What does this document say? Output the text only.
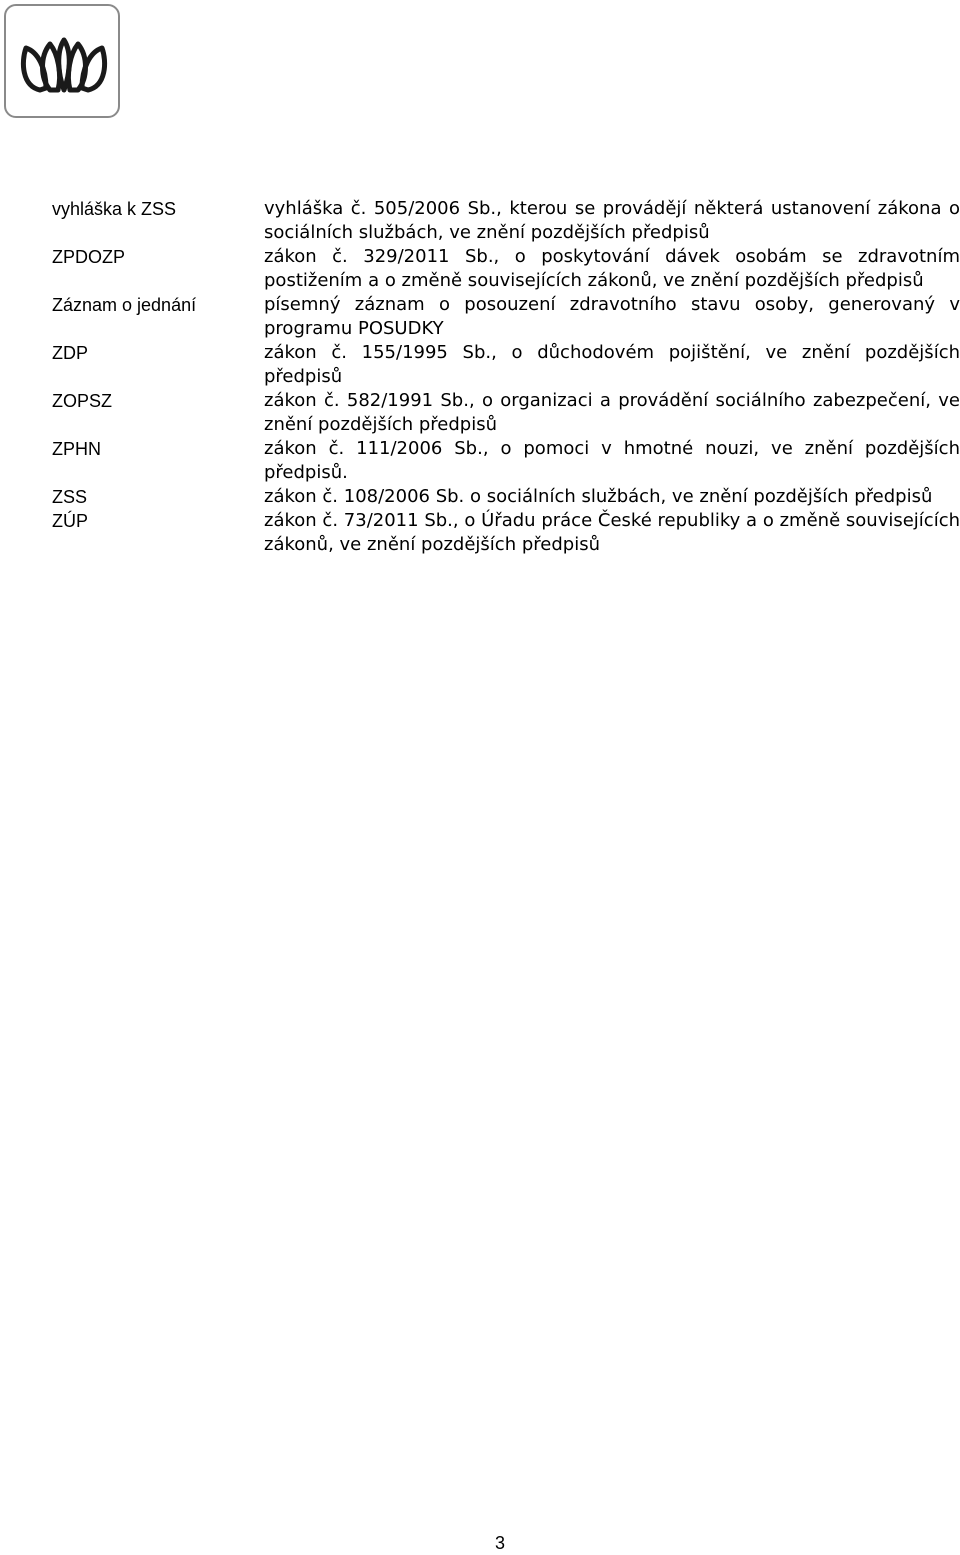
vyhláška k ZSS	vyhláška č. 505/2006 Sb., kterou se provádějí některá ustanovení zákona o sociálních službách, ve znění pozdějších předpisů
ZPDOZP	zákon č. 329/2011 Sb., o poskytování dávek osobám se zdravotním postižením a o změně souvisejících zákonů, ve znění pozdějších předpisů
Záznam o jednání	písemný záznam o posouzení zdravotního stavu osoby, generovaný v programu POSUDKY
ZDP	zákon č. 155/1995 Sb., o důchodovém pojištění, ve znění pozdějších předpisů
ZOPSZ	zákon č. 582/1991 Sb., o organizaci a provádění sociálního zabezpečení, ve znění pozdějších předpisů
ZPHN	zákon č. 111/2006 Sb., o pomoci v hmotné nouzi, ve znění pozdějších předpisů.
ZSS	zákon č. 108/2006 Sb. o sociálních službách, ve znění pozdějších předpisů
ZÚP	zákon č. 73/2011 Sb., o Úřadu práce České republiky a o změně souvisejících zákonů, ve znění pozdějších předpisů
3
